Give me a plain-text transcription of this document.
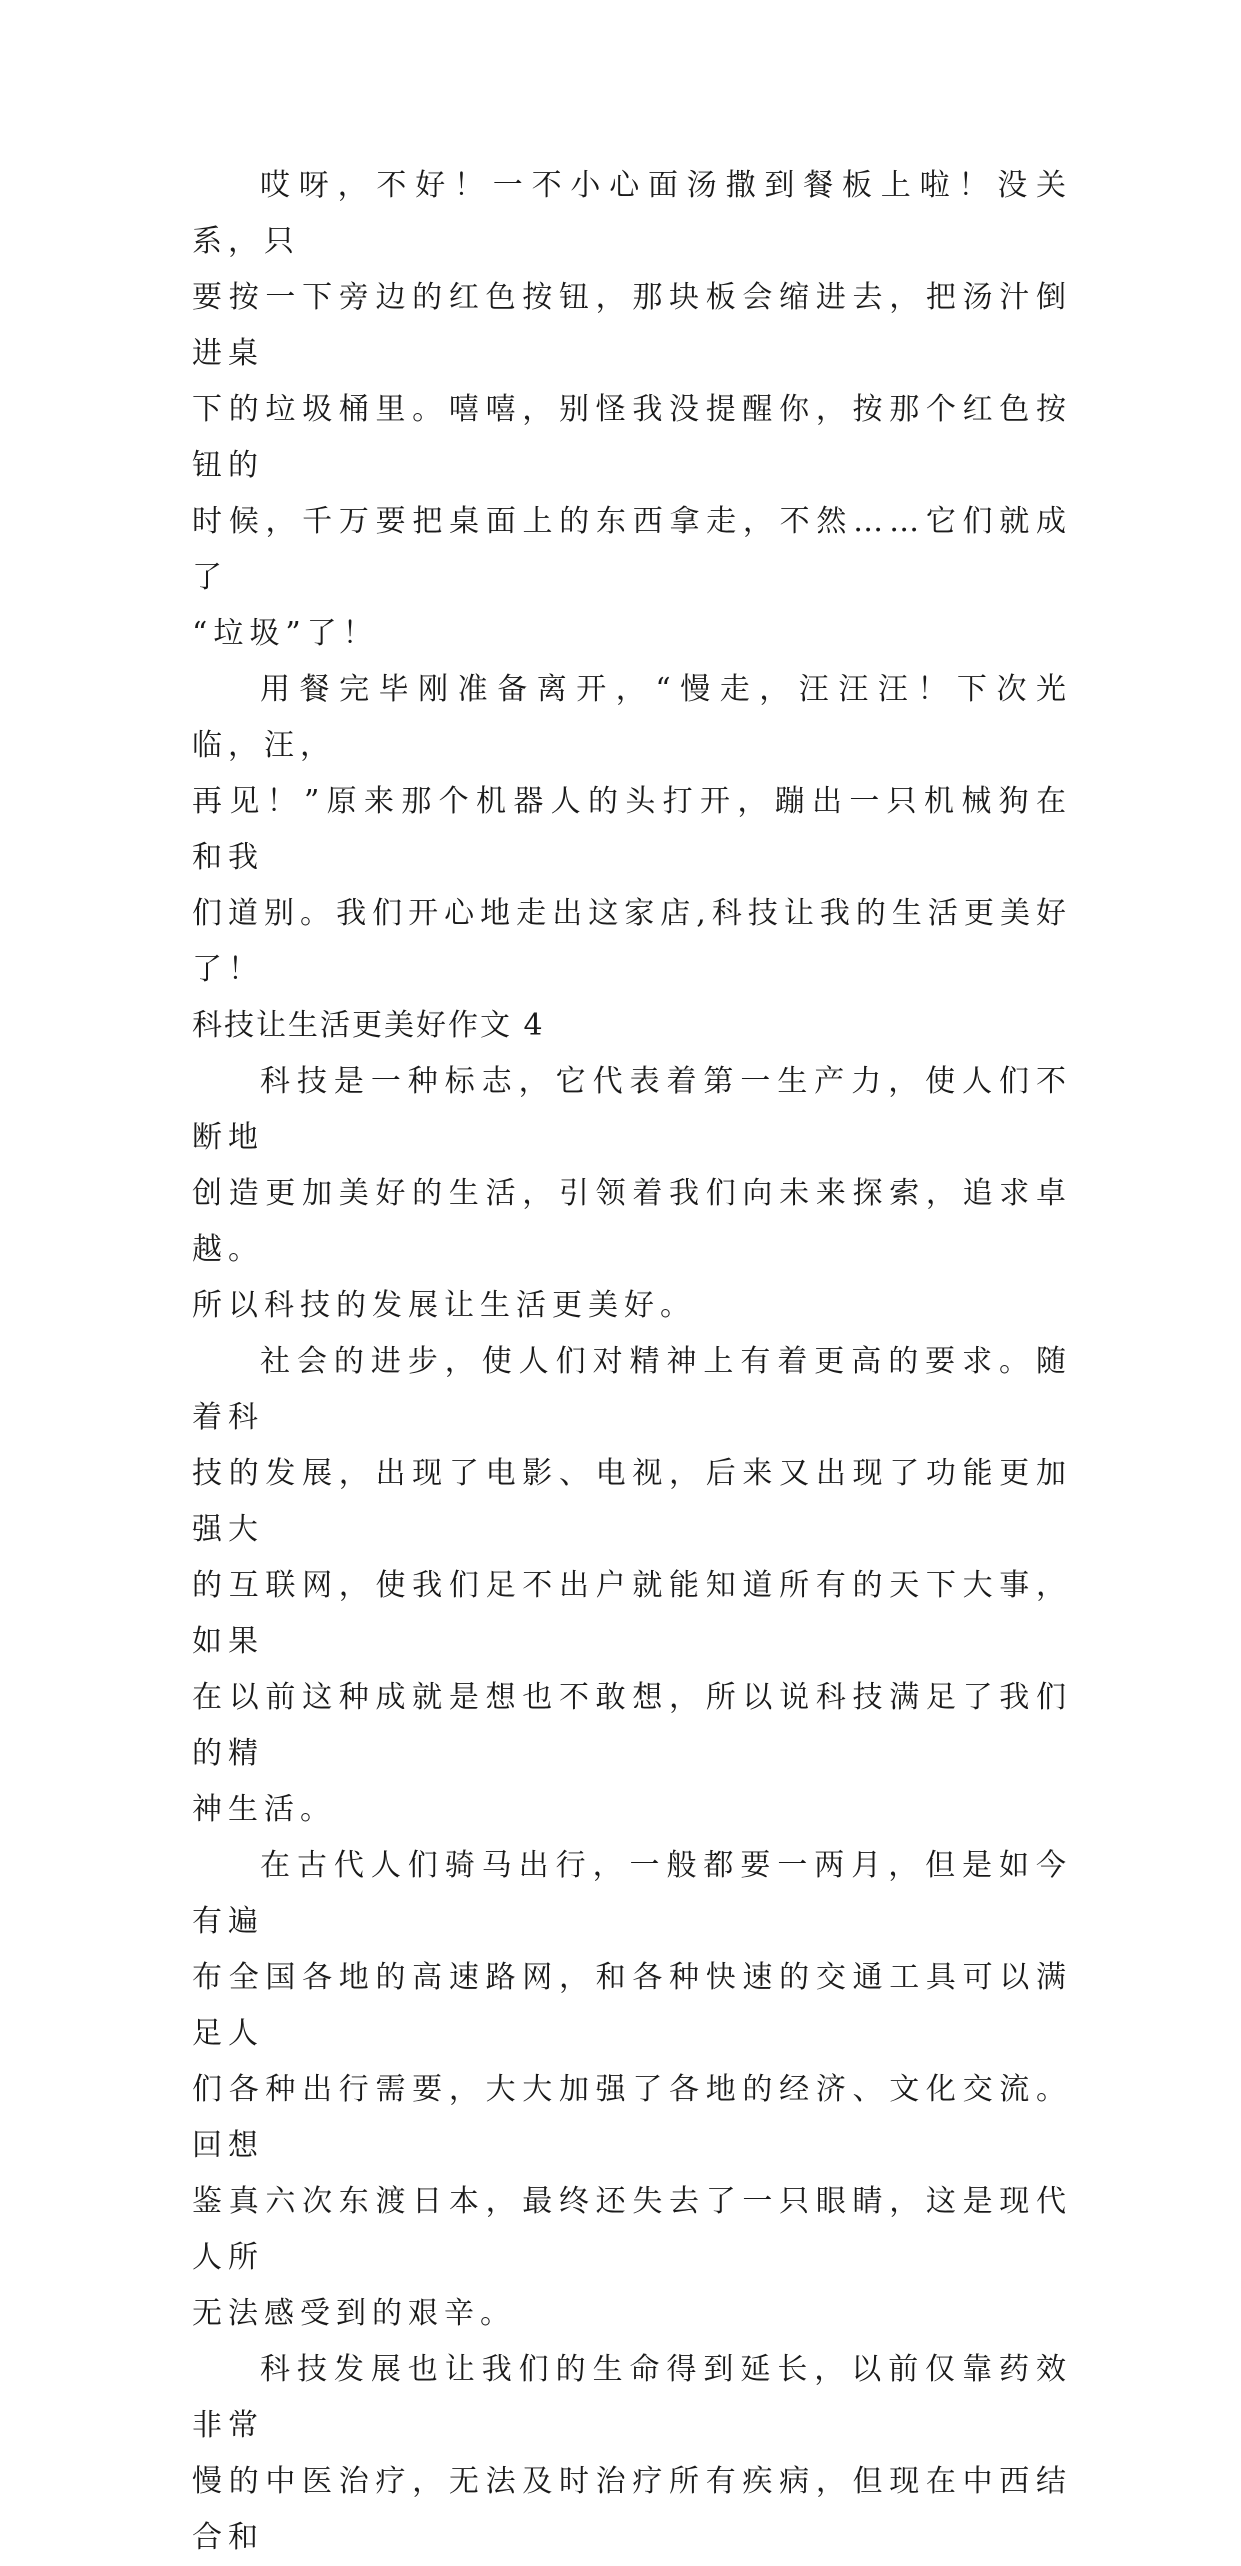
哎呀，不好！一不小心面汤撒到餐板上啦！没关系，只
要按一下旁边的红色按钮，那块板会缩进去，把汤汁倒进桌
下的垃圾桶里。嘻嘻，别怪我没提醒你，按那个红色按钮的
时候，千万要把桌面上的东西拿走，不然……它们就成了
“垃圾”了！

用餐完毕刚准备离开，“慢走，汪汪汪！下次光临，汪，
再见！”原来那个机器人的头打开，蹦出一只机械狗在和我
们道别。我们开心地走出这家店,科技让我的生活更美好了！

科技让生活更美好作文 4

科技是一种标志，它代表着第一生产力，使人们不断地
创造更加美好的生活，引领着我们向未来探索，追求卓越。
所以科技的发展让生活更美好。

社会的进步，使人们对精神上有着更高的要求。随着科
技的发展，出现了电影、电视，后来又出现了功能更加强大
的互联网，使我们足不出户就能知道所有的天下大事，如果
在以前这种成就是想也不敢想，所以说科技满足了我们的精
神生活。

在古代人们骑马出行，一般都要一两月，但是如今有遍
布全国各地的高速路网，和各种快速的交通工具可以满足人
们各种出行需要，大大加强了各地的经济、文化交流。回想
鉴真六次东渡日本，最终还失去了一只眼睛，这是现代人所
无法感受到的艰辛。

科技发展也让我们的生命得到延长，以前仅靠药效非常
慢的中医治疗，无法及时治疗所有疾病，但现在中西结合和
